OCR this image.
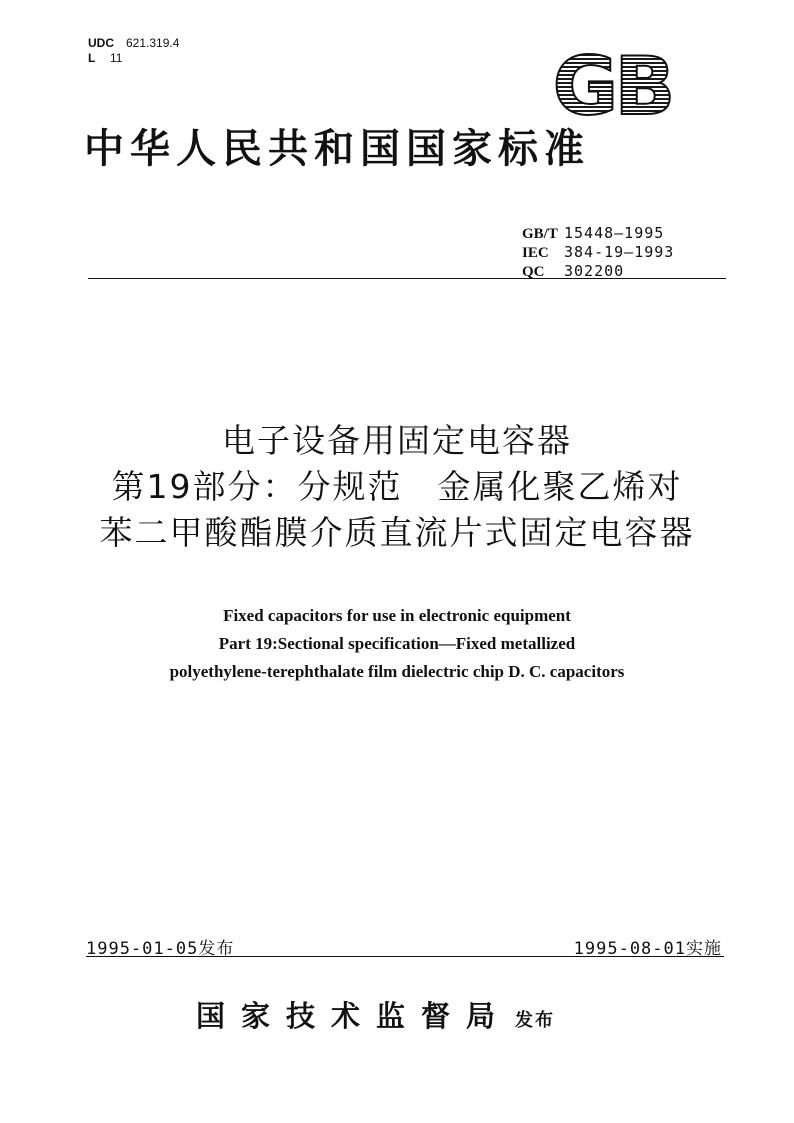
UDC 621.319.4
L 11	GB
中华人民共和国国家标准
GB/T 15448—1995
IEC 384-19—1993
QC 302200
电子设备用固定电容器
第19部分：分规范　金属化聚乙烯对
苯二甲酸酯膜介质直流片式固定电容器
Fixed capacitors for use in electronic equipment
Part 19:Sectional specification—Fixed metallized
polyethylene-terephthalate film dielectric chip D. C. capacitors
1995-01-05发布	1995-08-01实施
国家技术监督局 发布
